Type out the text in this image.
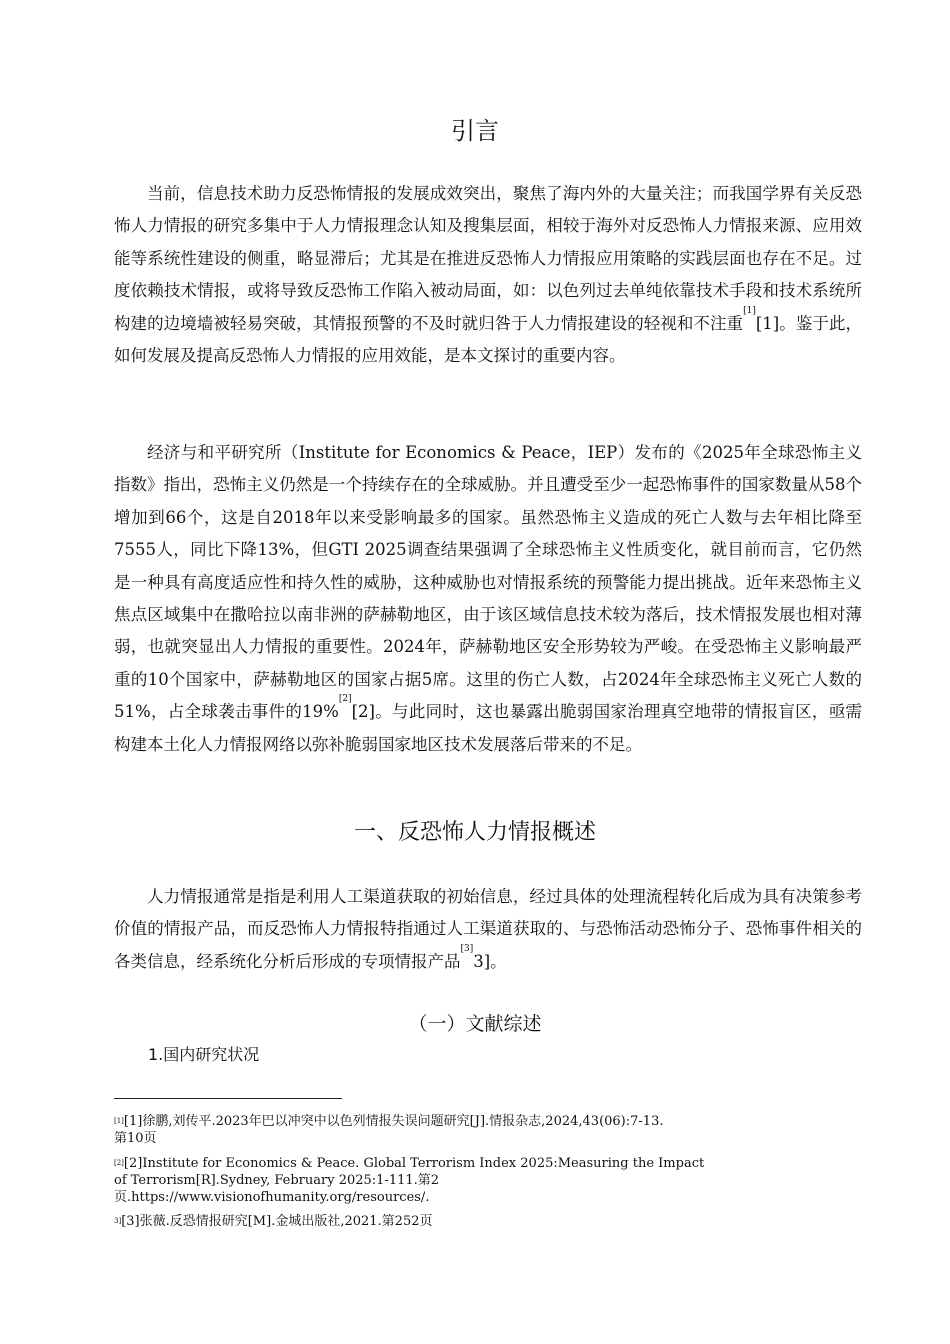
引言

当前，信息技术助力反恐怖情报的发展成效突出，聚焦了海内外的大量关注；而我国学界有关反恐怖人力情报的研究多集中于人力情报理念认知及搜集层面，相较于海外对反恐怖人力情报来源、应用效能等系统性建设的侧重，略显滞后；尤其是在推进反恐怖人力情报应用策略的实践层面也存在不足。过度依赖技术情报，或将导致反恐怖工作陷入被动局面，如：以色列过去单纯依靠技术手段和技术系统所构建的边境墙被轻易突破，其情报预警的不及时就归咎于人力情报建设的轻视和不注重[1][1]。鉴于此，如何发展及提高反恐怖人力情报的应用效能，是本文探讨的重要内容。

经济与和平研究所（Institute for Economics & Peace，IEP）发布的《2025年全球恐怖主义指数》指出，恐怖主义仍然是一个持续存在的全球威胁。并且遭受至少一起恐怖事件的国家数量从58个增加到66个，这是自2018年以来受影响最多的国家。虽然恐怖主义造成的死亡人数与去年相比降至7555人，同比下降13%，但GTI 2025调查结果强调了全球恐怖主义性质变化，就目前而言，它仍然是一种具有高度适应性和持久性的威胁，这种威胁也对情报系统的预警能力提出挑战。近年来恐怖主义焦点区域集中在撒哈拉以南非洲的萨赫勒地区，由于该区域信息技术较为落后，技术情报发展也相对薄弱，也就突显出人力情报的重要性。2024年，萨赫勒地区安全形势较为严峻。在受恐怖主义影响最严重的10个国家中，萨赫勒地区的国家占据5席。这里的伤亡人数，占2024年全球恐怖主义死亡人数的51%，占全球袭击事件的19%[2][2]。与此同时，这也暴露出脆弱国家治理真空地带的情报盲区，亟需构建本土化人力情报网络以弥补脆弱国家地区技术发展落后带来的不足。

一、反恐怖人力情报概述

人力情报通常是指是利用人工渠道获取的初始信息，经过具体的处理流程转化后成为具有决策参考价值的情报产品，而反恐怖人力情报特指通过人工渠道获取的、与恐怖活动恐怖分子、恐怖事件相关的各类信息，经系统化分析后形成的专项情报产品[3]3]。

（一）文献综述
1.国内研究状况

[1][1]徐鹏,刘传平.2023年巴以冲突中以色列情报失误问题研究[J].情报杂志,2024,43(06):7-13.
第10页

[2][2]Institute for Economics & Peace. Global Terrorism Index 2025:Measuring the Impact
of Terrorism[R].Sydney, February 2025:1-111.第2
页.https://www.visionofhumanity.org/resources/.

$^{3]}$[3]张薇.反恐情报研究[M].金城出版社,2021.第252页
